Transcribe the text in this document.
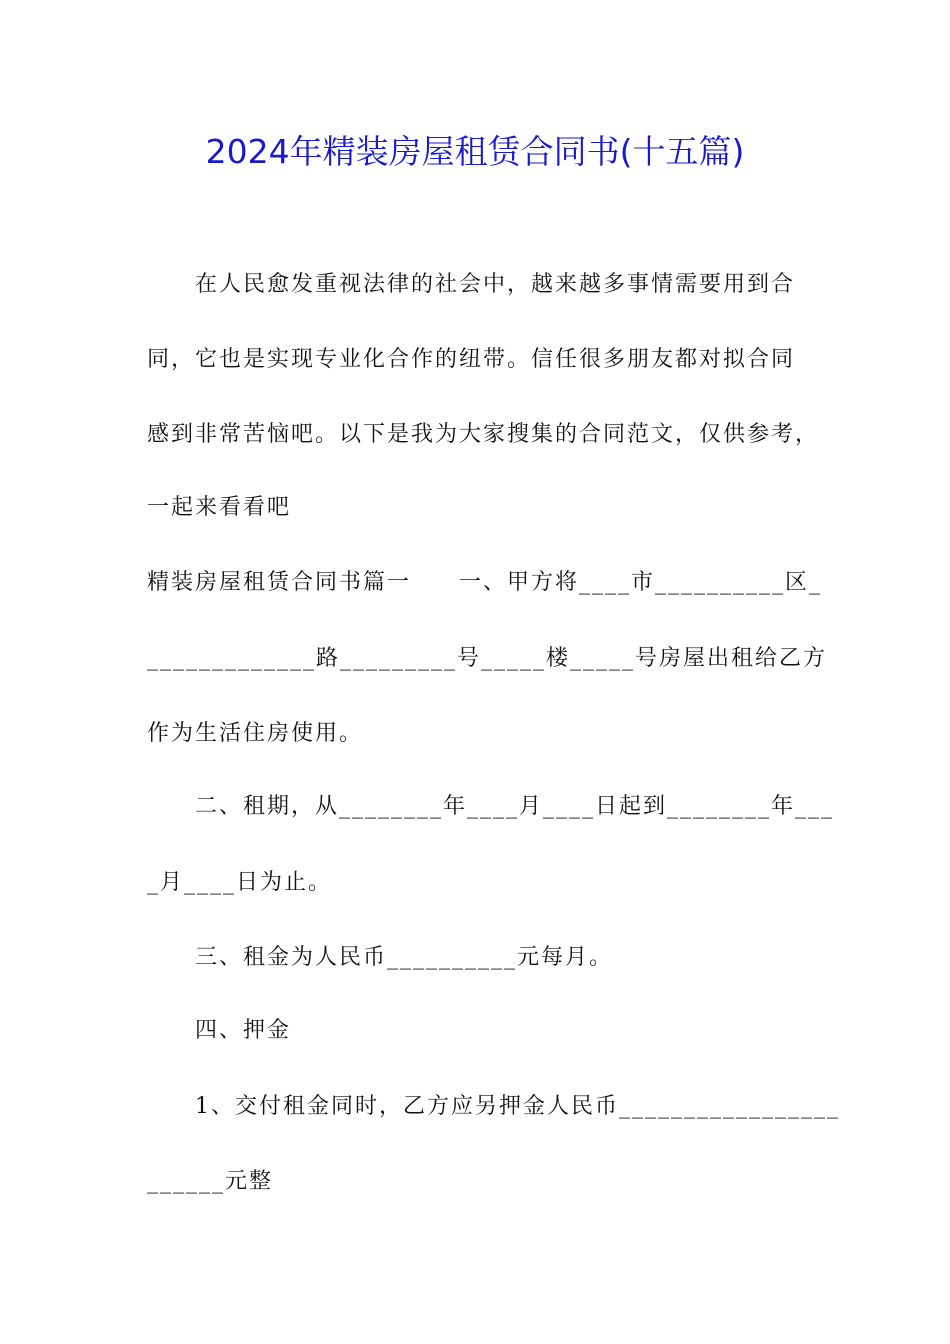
2024年精装房屋租赁合同书(十五篇)
在人民愈发重视法律的社会中，越来越多事情需要用到合
同，它也是实现专业化合作的纽带。信任很多朋友都对拟合同
感到非常苦恼吧。以下是我为大家搜集的合同范文，仅供参考，
一起来看看吧
精装房屋租赁合同书篇一　　一、甲方将____市__________区_
_____________路_________号_____楼_____号房屋出租给乙方
作为生活住房使用。
二、租期，从________年____月____日起到________年___
_月____日为止。
三、租金为人民币__________元每月。
四、押金
1、交付租金同时，乙方应另押金人民币_________________
______元整
